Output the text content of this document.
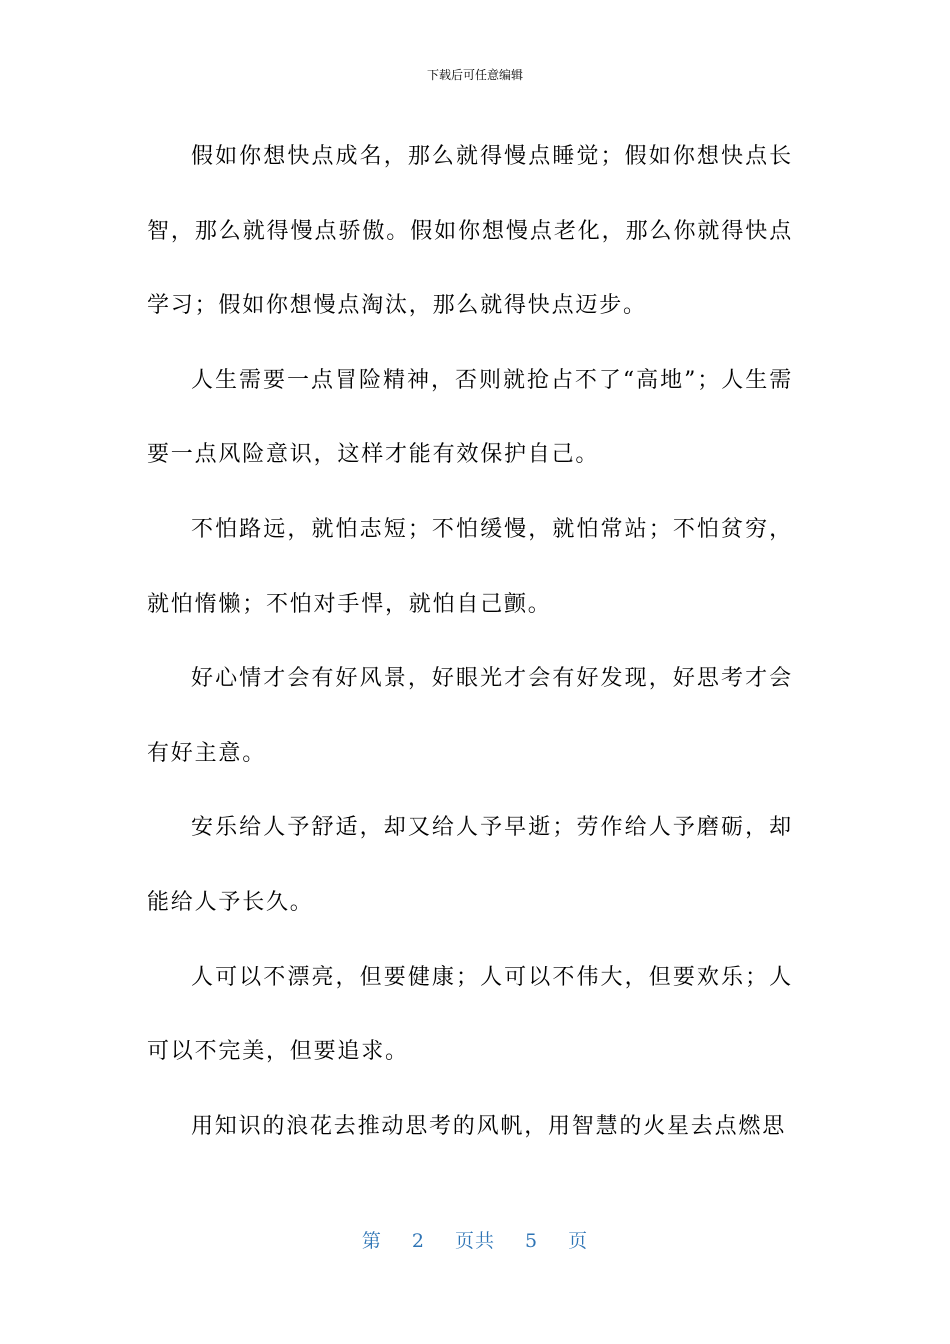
下载后可任意编辑

假如你想快点成名，那么就得慢点睡觉；假如你想快点长智，那么就得慢点骄傲。假如你想慢点老化，那么你就得快点学习；假如你想慢点淘汰，那么就得快点迈步。

人生需要一点冒险精神，否则就抢占不了“高地”；人生需要一点风险意识，这样才能有效保护自己。

不怕路远，就怕志短；不怕缓慢，就怕常站；不怕贫穷，就怕惰懒；不怕对手悍，就怕自己颤。

好心情才会有好风景，好眼光才会有好发现，好思考才会有好主意。

安乐给人予舒适，却又给人予早逝；劳作给人予磨砺，却能给人予长久。

人可以不漂亮，但要健康；人可以不伟大，但要欢乐；人可以不完美，但要追求。

用知识的浪花去推动思考的风帆，用智慧的火星去点燃思

第 2 页共 5 页
